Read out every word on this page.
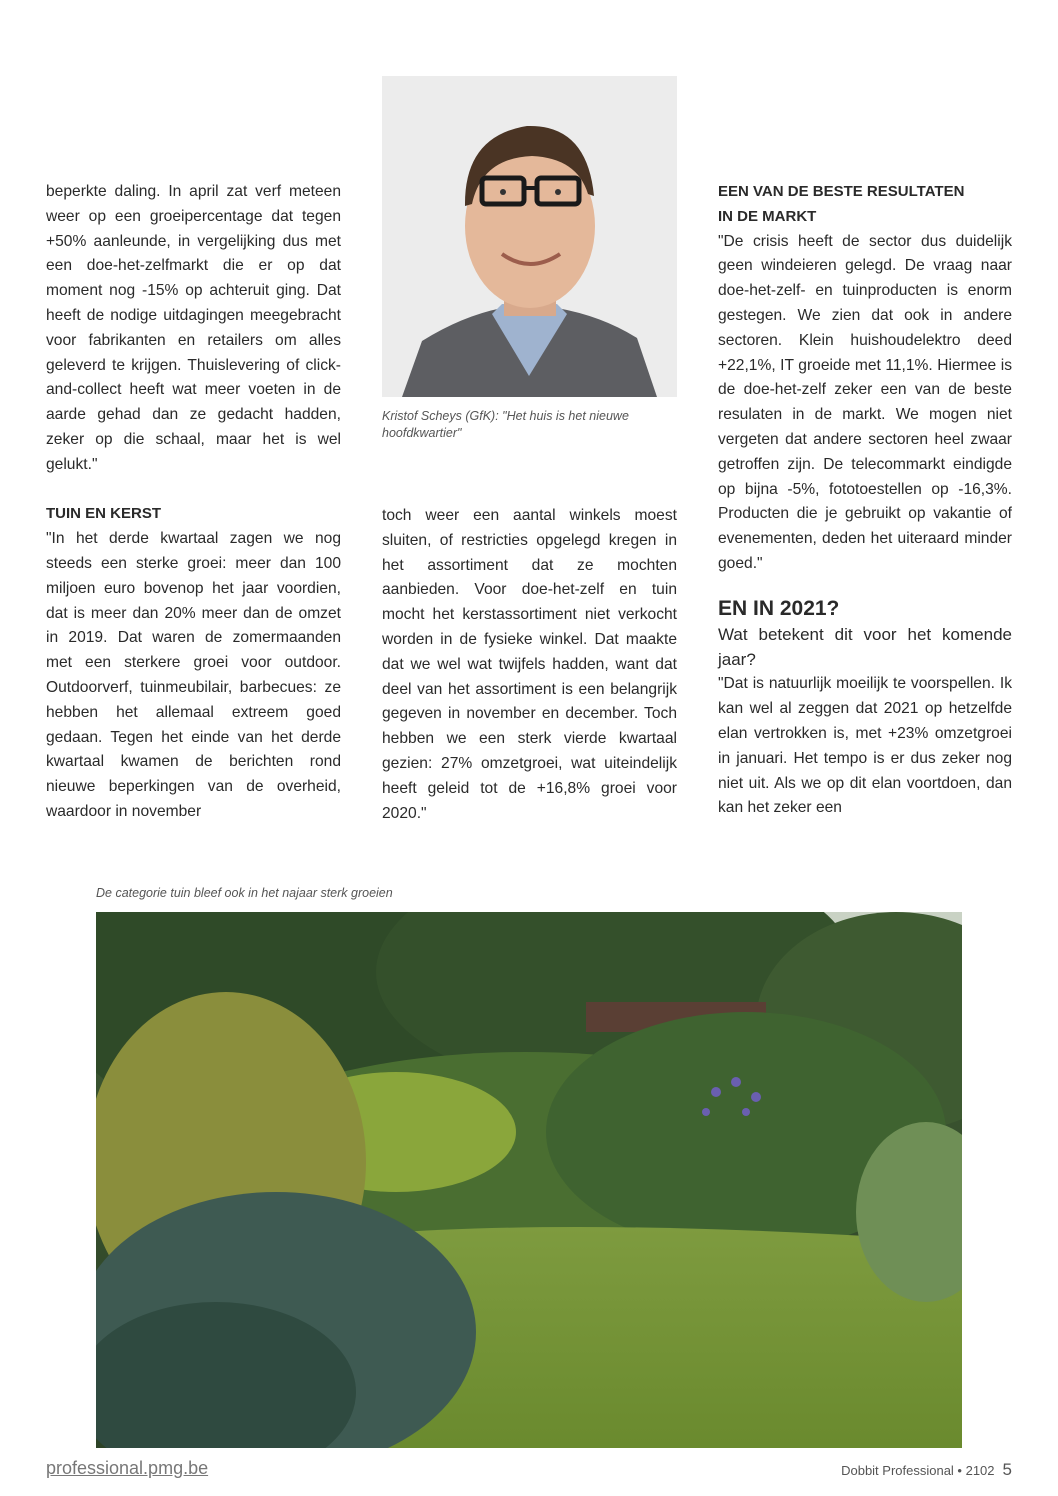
beperkte daling. In april zat verf meteen weer op een groeipercentage dat tegen +50% aanleunde, in vergelijking dus met een doe-het-zelfmarkt die er op dat moment nog -15% op achteruit ging. Dat heeft de nodige uitdagingen meegebracht voor fabrikanten en retailers om alles geleverd te krijgen. Thuislevering of click-and-collect heeft wat meer voeten in de aarde gehad dan ze gedacht hadden, zeker op die schaal, maar het is wel gelukt."

TUIN EN KERST

"In het derde kwartaal zagen we nog steeds een sterke groei: meer dan 100 miljoen euro bovenop het jaar voordien, dat is meer dan 20% meer dan de omzet in 2019. Dat waren de zomermaanden met een sterkere groei voor outdoor. Outdoorverf, tuinmeubilair, barbecues: ze hebben het allemaal extreem goed gedaan. Tegen het einde van het derde kwartaal kwamen de berichten rond nieuwe beperkingen van de overheid, waardoor in november

Kristof Scheys (GfK): "Het huis is het nieuwe hoofdkwartier"

toch weer een aantal winkels moest sluiten, of restricties opgelegd kregen in het assortiment dat ze mochten aanbieden. Voor doe-het-zelf en tuin mocht het kerstassortiment niet verkocht worden in de fysieke winkel. Dat maakte dat we wel wat twijfels hadden, want dat deel van het assortiment is een belangrijk gegeven in november en december. Toch hebben we een sterk vierde kwartaal gezien: 27% omzetgroei, wat uiteindelijk heeft geleid tot de +16,8% groei voor 2020."

EEN VAN DE BESTE RESULTATEN

IN DE MARKT

"De crisis heeft de sector dus duidelijk geen windeieren gelegd. De vraag naar doe-het-zelf- en tuinproducten is enorm gestegen. We zien dat ook in andere sectoren. Klein huishoudelektro deed +22,1%, IT groeide met 11,1%. Hiermee is de doe-het-zelf zeker een van de beste resulaten in de markt. We mogen niet vergeten dat andere sectoren heel zwaar getroffen zijn. De telecommarkt eindigde op bijna -5%, fototoestellen op -16,3%. Producten die je gebruikt op vakantie of evenementen, deden het uiteraard minder goed."

EN IN 2021?

Wat betekent dit voor het komende jaar?

"Dat is natuurlijk moeilijk te voorspellen. Ik kan wel al zeggen dat 2021 op hetzelfde elan vertrokken is, met +23% omzetgroei in januari. Het tempo is er dus zeker nog niet uit. Als we op dit elan voortdoen, dan kan het zeker een

De categorie tuin bleef ook in het najaar sterk groeien
professional.pmg.be	Dobbit Professional • 2102 5
